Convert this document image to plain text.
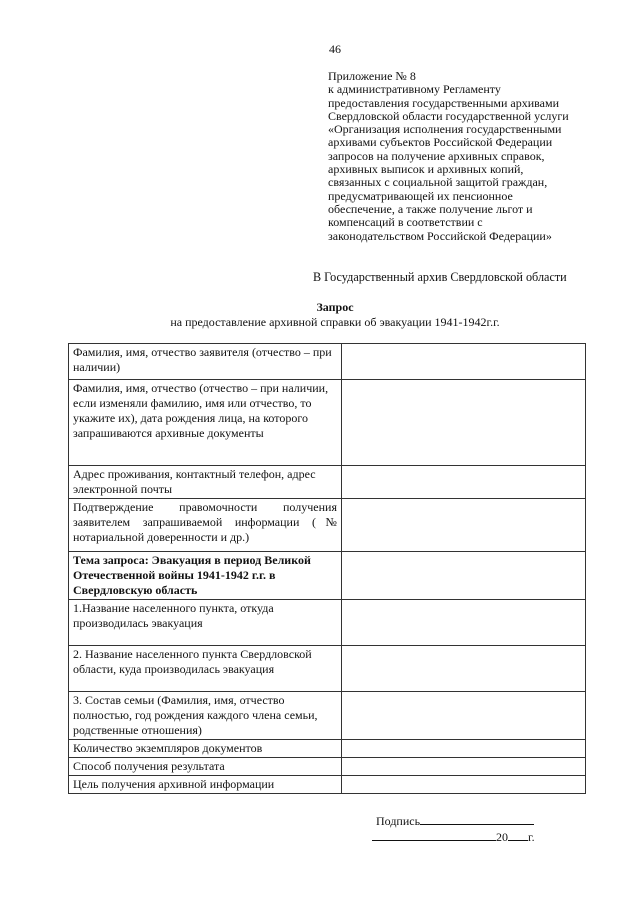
46
Приложение № 8
к административному Регламенту
предоставления государственными архивами
Свердловской области государственной услуги
«Организация исполнения государственными
архивами субъектов Российской Федерации
запросов на получение архивных справок,
архивных выписок и архивных копий,
связанных с социальной защитой граждан,
предусматривающей их пенсионное
обеспечение, а также получение льгот и
компенсаций в соответствии с
законодательством Российской Федерации»
В Государственный архив Свердловской области
Запрос
на предоставление архивной справки об эвакуации 1941-1942г.г.
Фамилия, имя, отчество заявителя (отчество – при наличии)	
Фамилия, имя, отчество (отчество – при наличии, если изменяли фамилию, имя или отчество, то укажите их), дата рождения лица, на которого запрашиваются архивные документы	
Адрес проживания, контактный телефон, адрес электронной почты	
Подтверждение правомочности получения заявителем запрашиваемой информации (№ нотариальной доверенности и др.)	
Тема запроса: Эвакуация в период Великой Отечественной войны 1941-1942 г.г. в Свердловскую область	
1.Название населенного пункта, откуда производилась эвакуация	
2. Название населенного пункта Свердловской области, куда производилась эвакуация	
3. Состав семьи (Фамилия, имя, отчество полностью, год рождения каждого члена семьи, родственные отношения)	
Количество экземпляров документов	
Способ получения результата	
Цель получения архивной информации	
Подпись
20 г.
